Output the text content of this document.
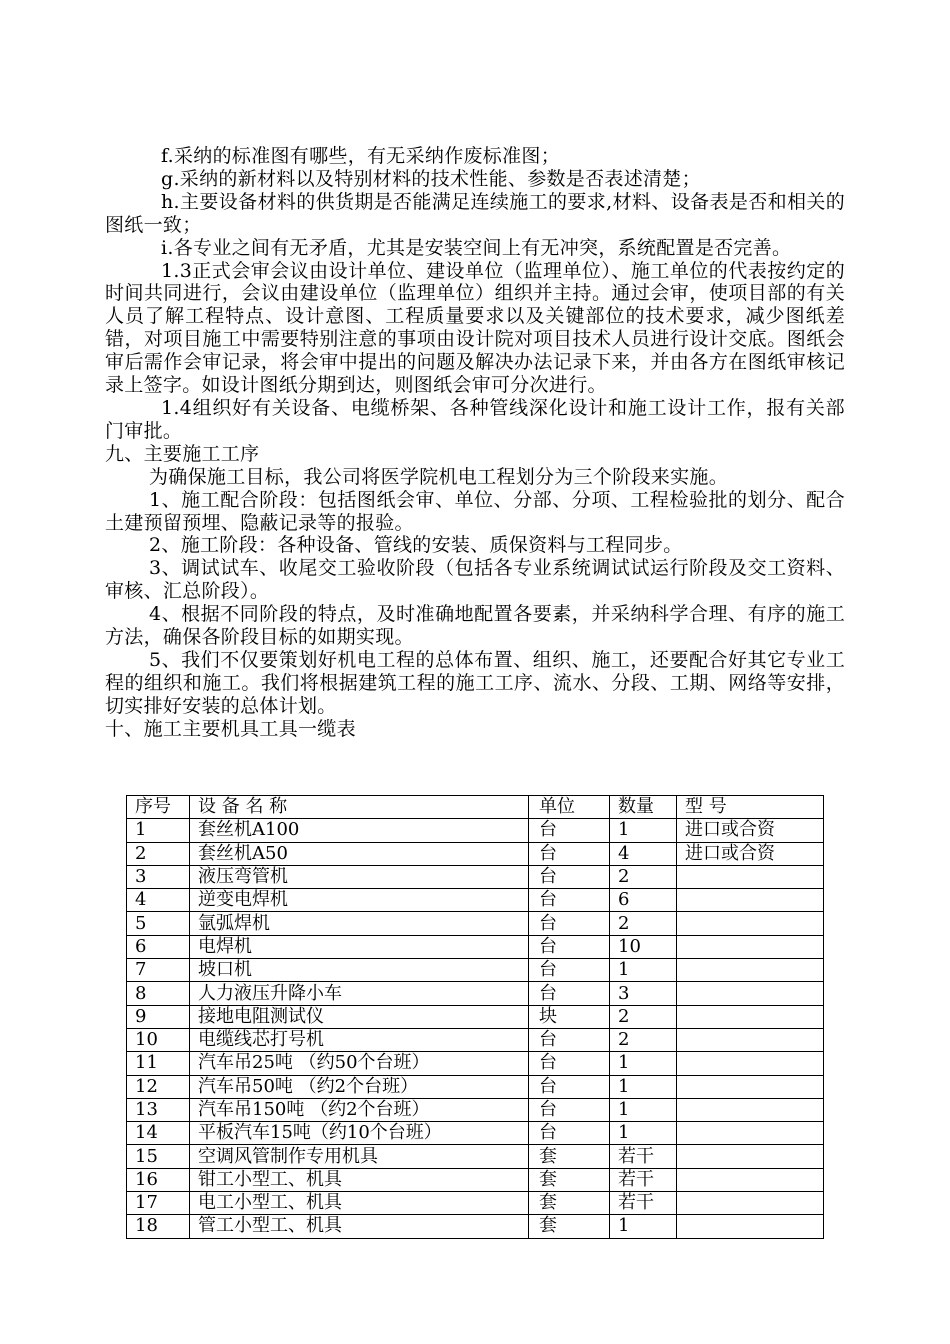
f.采纳的标准图有哪些，有无采纳作废标准图；

g.采纳的新材料以及特别材料的技术性能、参数是否表述清楚；

h.主要设备材料的供货期是否能满足连续施工的要求,材料、设备表是否和相关的图纸一致；

i.各专业之间有无矛盾，尤其是安装空间上有无冲突，系统配置是否完善。

1.3正式会审会议由设计单位、建设单位（监理单位）、施工单位的代表按约定的时间共同进行，会议由建设单位（监理单位）组织并主持。通过会审，使项目部的有关人员了解工程特点、设计意图、工程质量要求以及关键部位的技术要求，减少图纸差错，对项目施工中需要特别注意的事项由设计院对项目技术人员进行设计交底。图纸会审后需作会审记录，将会审中提出的问题及解决办法记录下来，并由各方在图纸审核记录上签字。如设计图纸分期到达，则图纸会审可分次进行。

1.4组织好有关设备、电缆桥架、各种管线深化设计和施工设计工作，报有关部门审批。

九、主要施工工序

为确保施工目标，我公司将医学院机电工程划分为三个阶段来实施。

1、施工配合阶段：包括图纸会审、单位、分部、分项、工程检验批的划分、配合土建预留预埋、隐蔽记录等的报验。

2、施工阶段：各种设备、管线的安装、质保资料与工程同步。

3、调试试车、收尾交工验收阶段（包括各专业系统调试试运行阶段及交工资料、审核、汇总阶段）。

4、根据不同阶段的特点，及时准确地配置各要素，并采纳科学合理、有序的施工方法，确保各阶段目标的如期实现。

5、我们不仅要策划好机电工程的总体布置、组织、施工，还要配合好其它专业工程的组织和施工。我们将根据建筑工程的施工工序、流水、分段、工期、网络等安排，切实排好安装的总体计划。

十、施工主要机具工具一缆表

序号	设 备 名 称	单位	数量	型 号
1	套丝机A100	台	1	进口或合资
2	套丝机A50	台	4	进口或合资
3	液压弯管机	台	2	
4	逆变电焊机	台	6	
5	氩弧焊机	台	2	
6	电焊机	台	10	
7	坡口机	台	1	
8	人力液压升降小车	台	3	
9	接地电阻测试仪	块	2	
10	电缆线芯打号机	台	2	
11	汽车吊25吨 （约50个台班）	台	1	
12	汽车吊50吨 （约2个台班）	台	1	
13	汽车吊150吨 （约2个台班）	台	1	
14	平板汽车15吨（约10个台班）	台	1	
15	空调风管制作专用机具	套	若干	
16	钳工小型工、机具	套	若干	
17	电工小型工、机具	套	若干	
18	管工小型工、机具	套	1	
